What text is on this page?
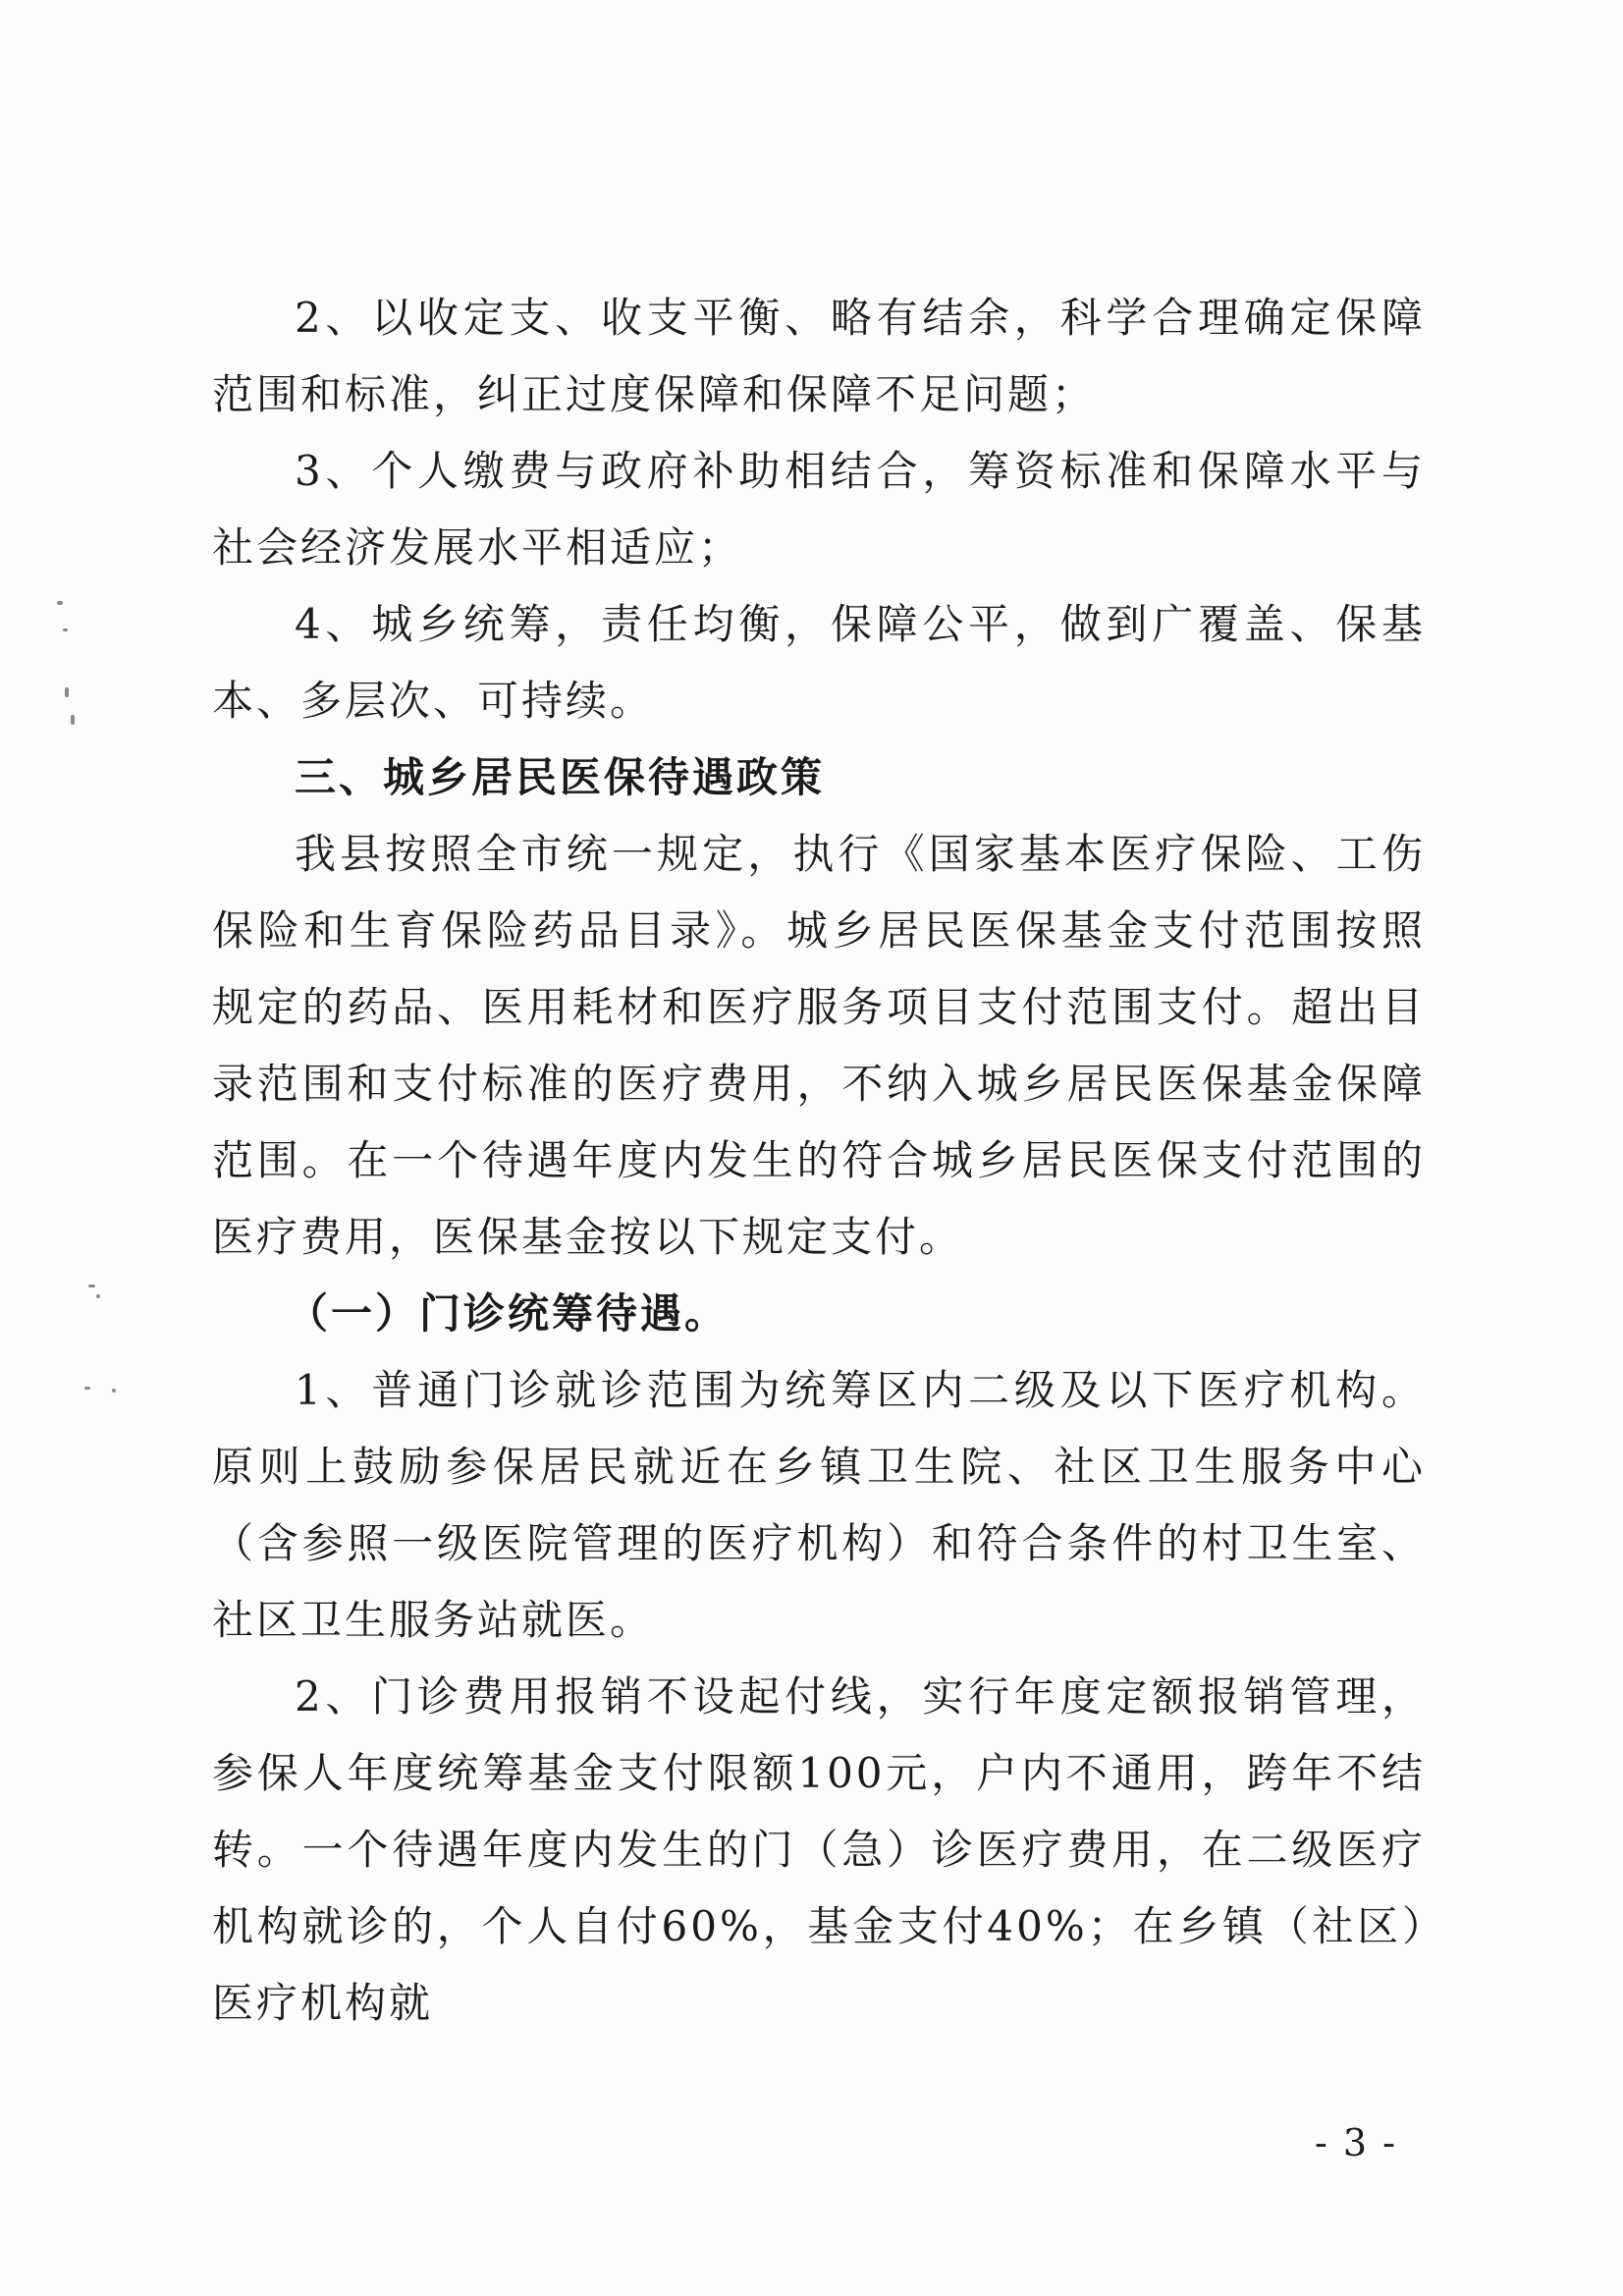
2、以收定支、收支平衡、略有结余，科学合理确定保障范围和标准，纠正过度保障和保障不足问题；

3、个人缴费与政府补助相结合，筹资标准和保障水平与社会经济发展水平相适应；

4、城乡统筹，责任均衡，保障公平，做到广覆盖、保基本、多层次、可持续。

三、城乡居民医保待遇政策

我县按照全市统一规定，执行《国家基本医疗保险、工伤保险和生育保险药品目录》。城乡居民医保基金支付范围按照规定的药品、医用耗材和医疗服务项目支付范围支付。超出目录范围和支付标准的医疗费用，不纳入城乡居民医保基金保障范围。在一个待遇年度内发生的符合城乡居民医保支付范围的医疗费用，医保基金按以下规定支付。

（一）门诊统筹待遇。

1、普通门诊就诊范围为统筹区内二级及以下医疗机构。原则上鼓励参保居民就近在乡镇卫生院、社区卫生服务中心（含参照一级医院管理的医疗机构）和符合条件的村卫生室、社区卫生服务站就医。

2、门诊费用报销不设起付线，实行年度定额报销管理，参保人年度统筹基金支付限额100元，户内不通用，跨年不结转。一个待遇年度内发生的门（急）诊医疗费用，在二级医疗机构就诊的，个人自付60%，基金支付40%；在乡镇（社区）医疗机构就

- 3 -
